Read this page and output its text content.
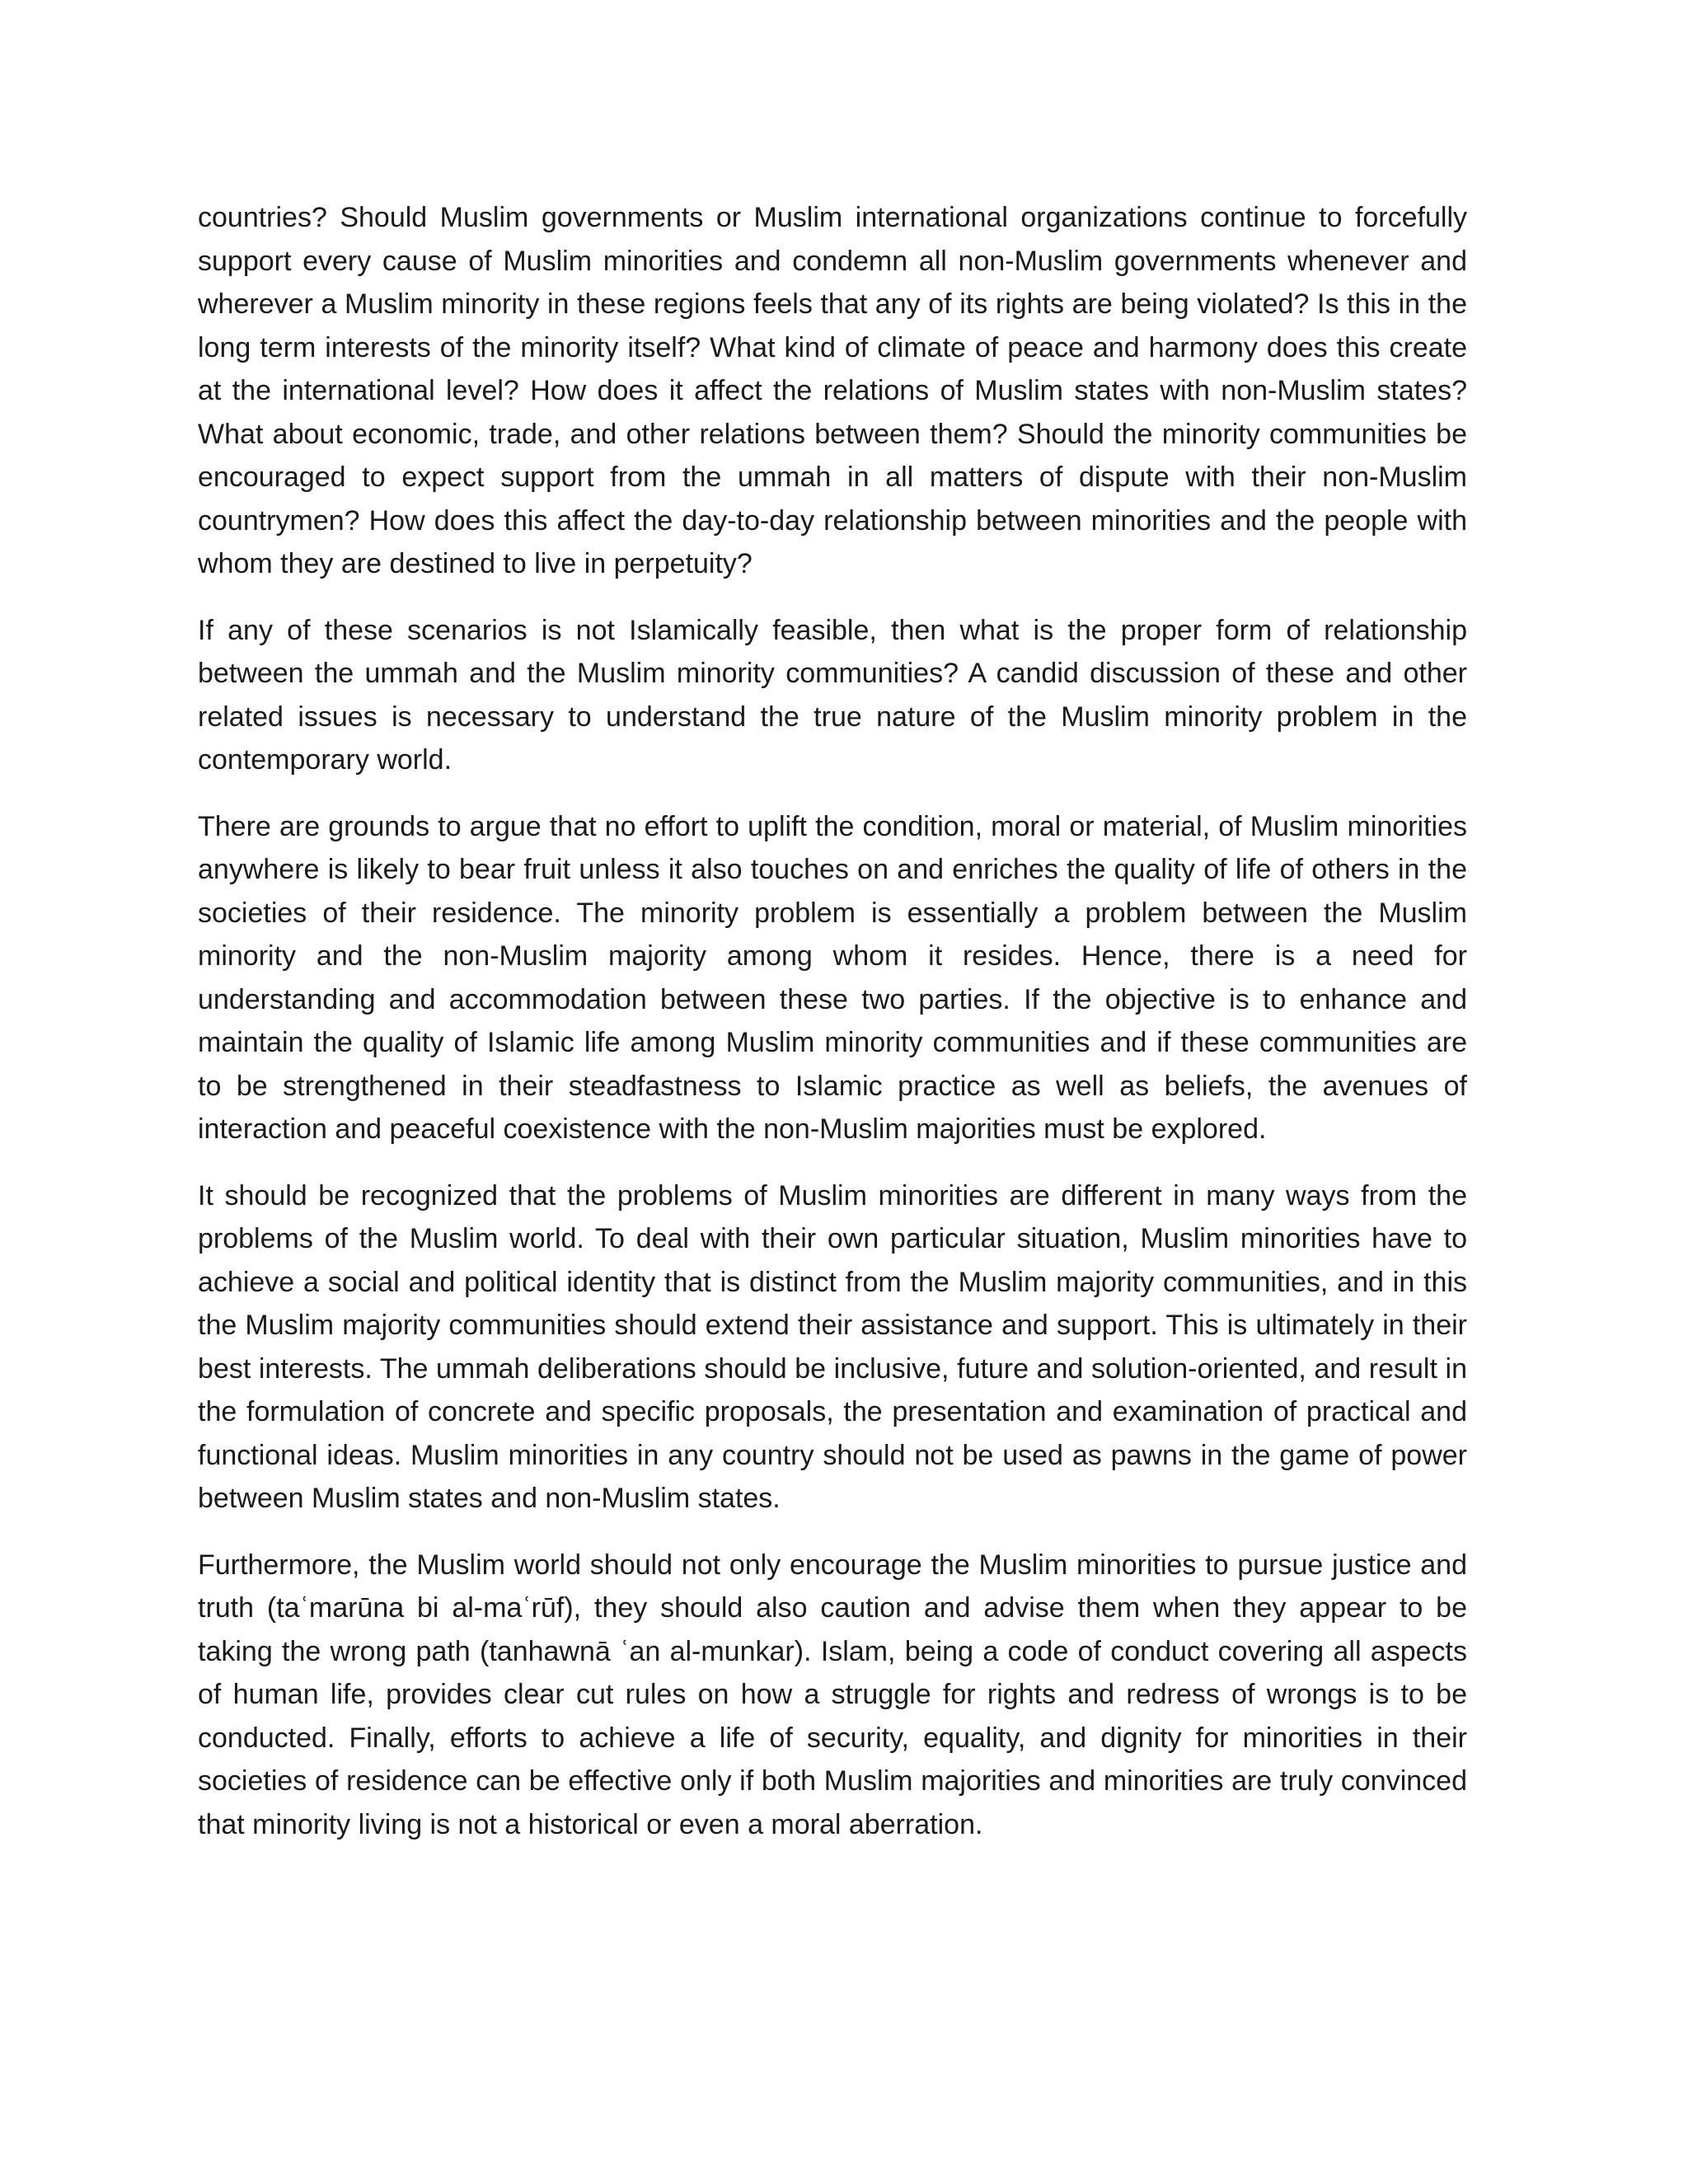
countries? Should Muslim governments or Muslim international organizations continue to forcefully support every cause of Muslim minorities and condemn all non-Muslim governments whenever and wherever a Muslim minority in these regions feels that any of its rights are being violated? Is this in the long term interests of the minority itself? What kind of climate of peace and harmony does this create at the international level? How does it affect the relations of Muslim states with non-Muslim states? What about economic, trade, and other relations between them? Should the minority communities be encouraged to expect support from the ummah in all matters of dispute with their non-Muslim countrymen? How does this affect the day-to-day relationship between minorities and the people with whom they are destined to live in perpetuity?

If any of these scenarios is not Islamically feasible, then what is the proper form of relationship between the ummah and the Muslim minority communities? A candid discussion of these and other related issues is necessary to understand the true nature of the Muslim minority problem in the contemporary world.

There are grounds to argue that no effort to uplift the condition, moral or material, of Muslim minorities anywhere is likely to bear fruit unless it also touches on and enriches the quality of life of others in the societies of their residence. The minority problem is essentially a problem between the Muslim minority and the non-Muslim majority among whom it resides. Hence, there is a need for understanding and accommodation between these two parties. If the objective is to enhance and maintain the quality of Islamic life among Muslim minority communities and if these communities are to be strengthened in their steadfastness to Islamic practice as well as beliefs, the avenues of interaction and peaceful coexistence with the non-Muslim majorities must be explored.

It should be recognized that the problems of Muslim minorities are different in many ways from the problems of the Muslim world. To deal with their own particular situation, Muslim minorities have to achieve a social and political identity that is distinct from the Muslim majority communities, and in this the Muslim majority communities should extend their assistance and support. This is ultimately in their best interests. The ummah deliberations should be inclusive, future and solution-oriented, and result in the formulation of concrete and specific proposals, the presentation and examination of practical and functional ideas. Muslim minorities in any country should not be used as pawns in the game of power between Muslim states and non-Muslim states.

Furthermore, the Muslim world should not only encourage the Muslim minorities to pursue justice and truth (taʿmarūna bi al-maʿrūf), they should also caution and advise them when they appear to be taking the wrong path (tanhawnā ʿan al-munkar). Islam, being a code of conduct covering all aspects of human life, provides clear cut rules on how a struggle for rights and redress of wrongs is to be conducted. Finally, efforts to achieve a life of security, equality, and dignity for minorities in their societies of residence can be effective only if both Muslim majorities and minorities are truly convinced that minority living is not a historical or even a moral aberration.
